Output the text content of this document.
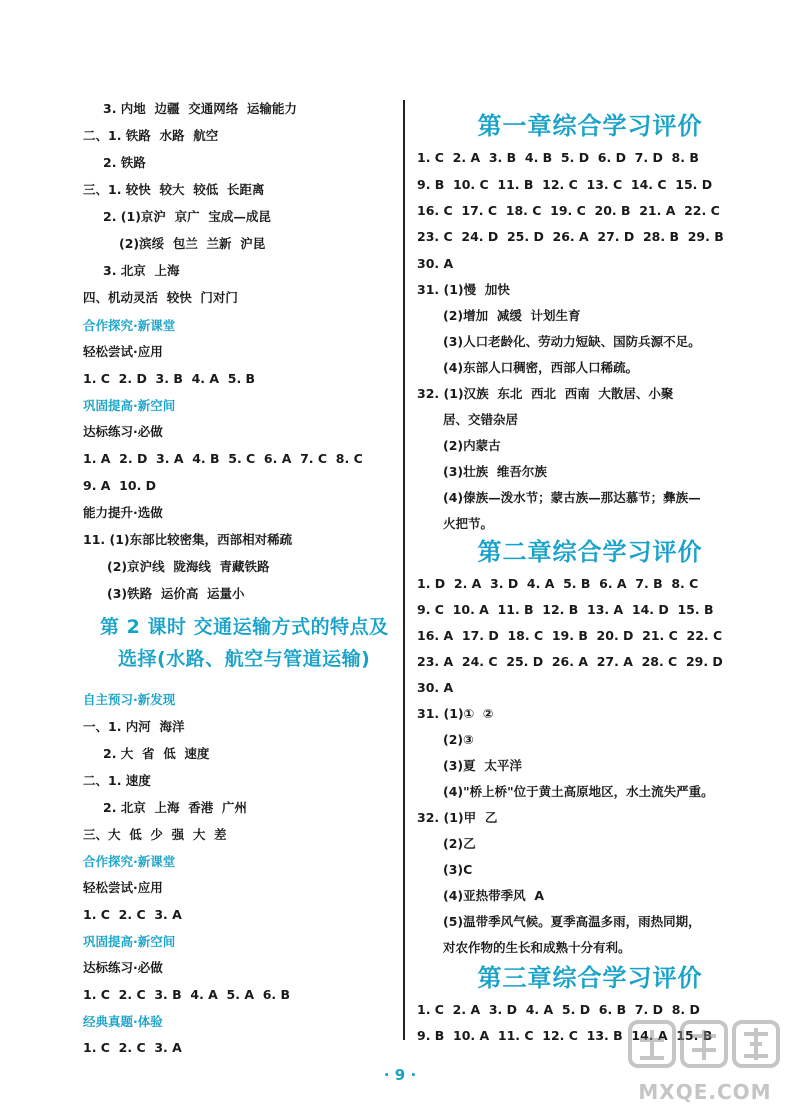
3. 内地  边疆  交通网络  运输能力
二、1. 铁路  水路  航空
2. 铁路
三、1. 较快  较大  较低  长距离
2. (1)京沪  京广  宝成—成昆
(2)滨绥  包兰  兰新  沪昆
3. 北京  上海
四、机动灵活  较快  门对门
合作探究·新课堂
轻松尝试·应用
1. C  2. D  3. B  4. A  5. B
巩固提高·新空间
达标练习·必做
1. A  2. D  3. A  4. B  5. C  6. A  7. C  8. C
9. A  10. D
能力提升·选做
11. (1)东部比较密集，西部相对稀疏
(2)京沪线  陇海线  青藏铁路
(3)铁路  运价高  运量小
自主预习·新发现
一、1. 内河  海洋
2. 大  省  低  速度
二、1. 速度
2. 北京  上海  香港  广州
三、大  低  少  强  大  差
合作探究·新课堂
轻松尝试·应用
1. C  2. C  3. A
巩固提高·新空间
达标练习·必做
1. C  2. C  3. B  4. A  5. A  6. B
经典真题·体验
1. C  2. C  3. A
1. C  2. A  3. B  4. B  5. D  6. D  7. D  8. B
9. B  10. C  11. B  12. C  13. C  14. C  15. D
16. C  17. C  18. C  19. C  20. B  21. A  22. C
23. C  24. D  25. D  26. A  27. D  28. B  29. B
30. A
31. (1)慢  加快
(2)增加  减缓  计划生育
(3)人口老龄化、劳动力短缺、国防兵源不足。
(4)东部人口稠密，西部人口稀疏。
32. (1)汉族  东北  西北  西南  大散居、小聚
居、交错杂居
(2)内蒙古
(3)壮族  维吾尔族
(4)傣族—泼水节；蒙古族—那达慕节；彝族—
火把节。
1. D  2. A  3. D  4. A  5. B  6. A  7. B  8. C
9. C  10. A  11. B  12. B  13. A  14. D  15. B
16. A  17. D  18. C  19. B  20. D  21. C  22. C
23. A  24. C  25. D  26. A  27. A  28. C  29. D
30. A
31. (1)①  ②
(2)③
(3)夏  太平洋
(4)"桥上桥"位于黄土高原地区，水土流失严重。
32. (1)甲  乙
(2)乙
(3)C
(4)亚热带季风  A
(5)温带季风气候。夏季高温多雨，雨热同期，
对农作物的生长和成熟十分有利。
1. C  2. A  3. D  4. A  5. D  6. B  7. D  8. D
9. B  10. A  11. C  12. C  13. B  14. A  15. B
第 2 课时 交通运输方式的特点及
选择(水路、航空与管道运输)
第一章综合学习评价
第二章综合学习评价
第三章综合学习评价
· 9 ·
MXQE.COM
